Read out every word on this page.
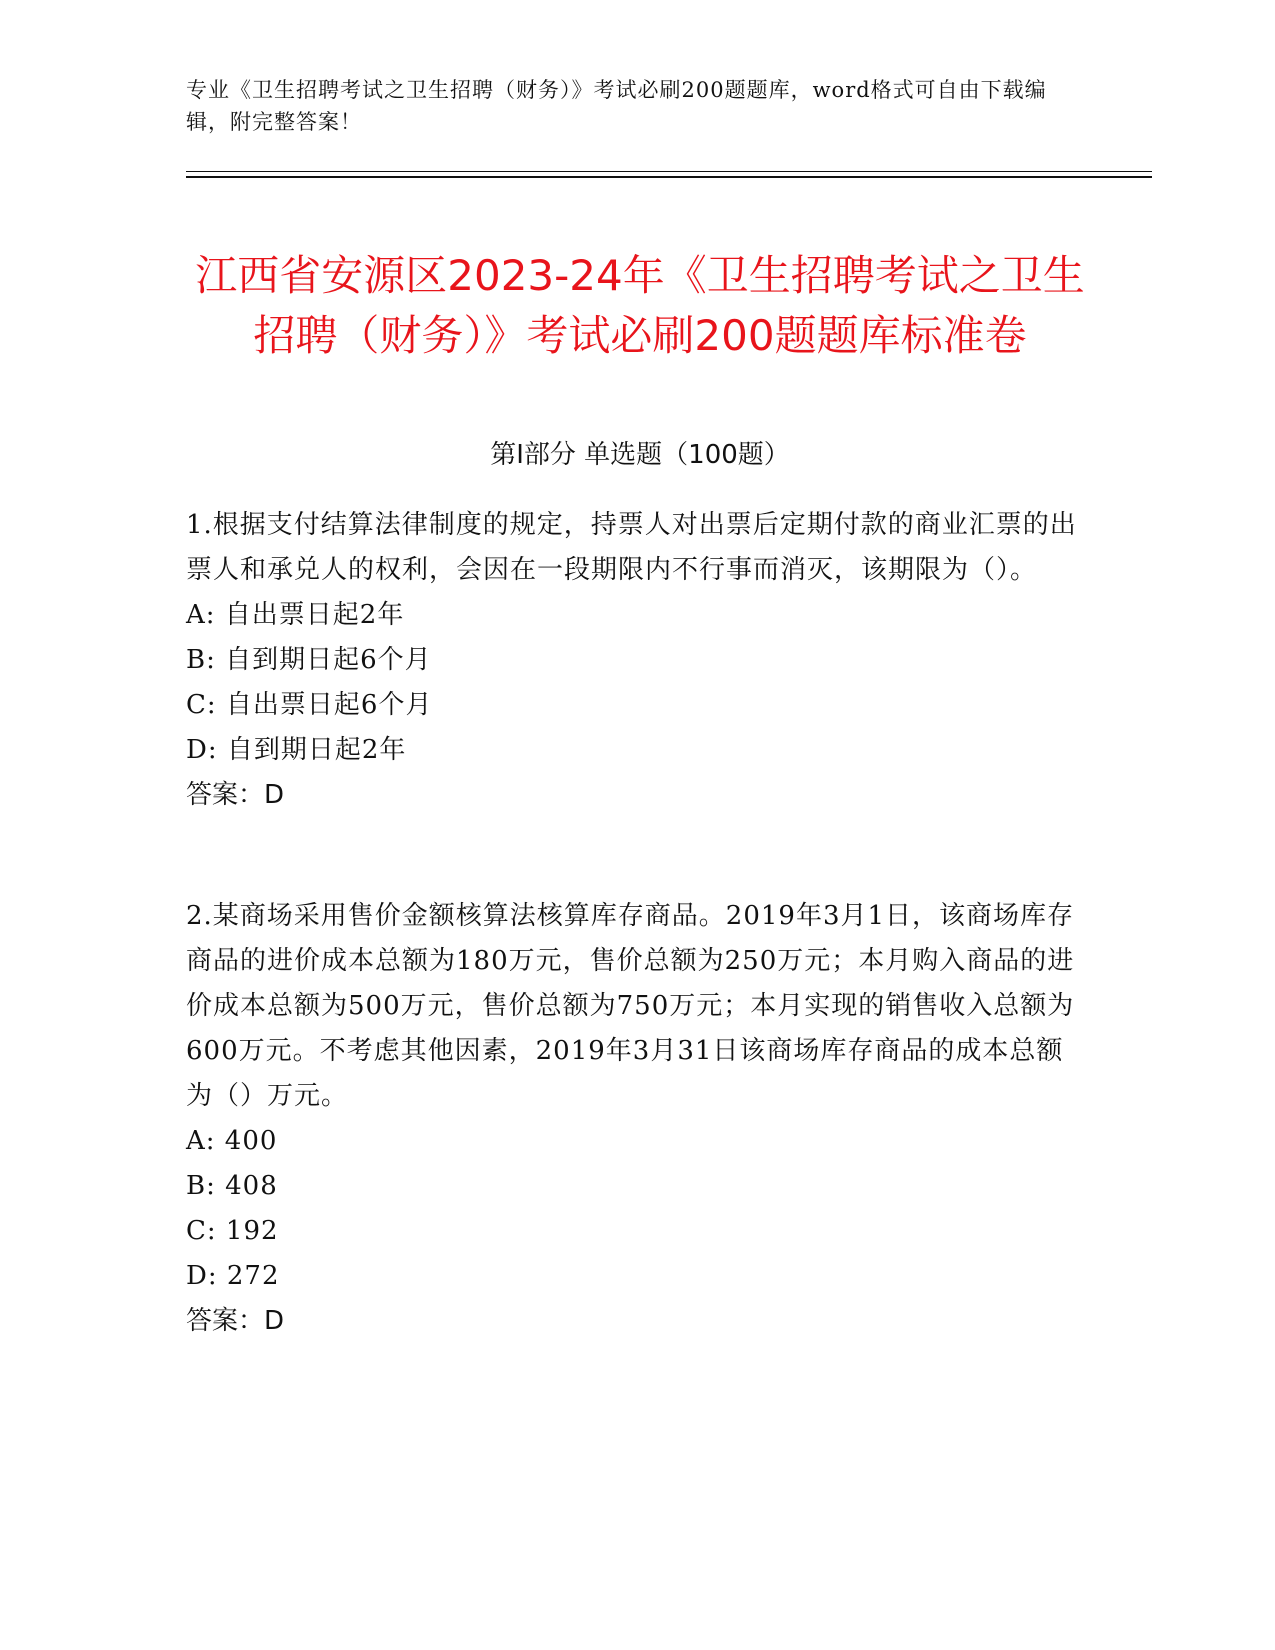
专业《卫生招聘考试之卫生招聘（财务）》考试必刷200题题库，word格式可自由下载编辑，附完整答案！
江西省安源区2023-24年《卫生招聘考试之卫生招聘（财务）》考试必刷200题题库标准卷
第Ⅰ部分 单选题（100题）

1.根据支付结算法律制度的规定，持票人对出票后定期付款的商业汇票的出票人和承兑人的权利，会因在一段期限内不行事而消灭，该期限为（）。

A: 自出票日起2年

B: 自到期日起6个月

C: 自出票日起6个月

D: 自到期日起2年

答案：D

2.某商场采用售价金额核算法核算库存商品。2019年3月1日，该商场库存商品的进价成本总额为180万元，售价总额为250万元；本月购入商品的进价成本总额为500万元，售价总额为750万元；本月实现的销售收入总额为600万元。不考虑其他因素，2019年3月31日该商场库存商品的成本总额为（）万元。

A: 400

B: 408

C: 192

D: 272

答案：D
